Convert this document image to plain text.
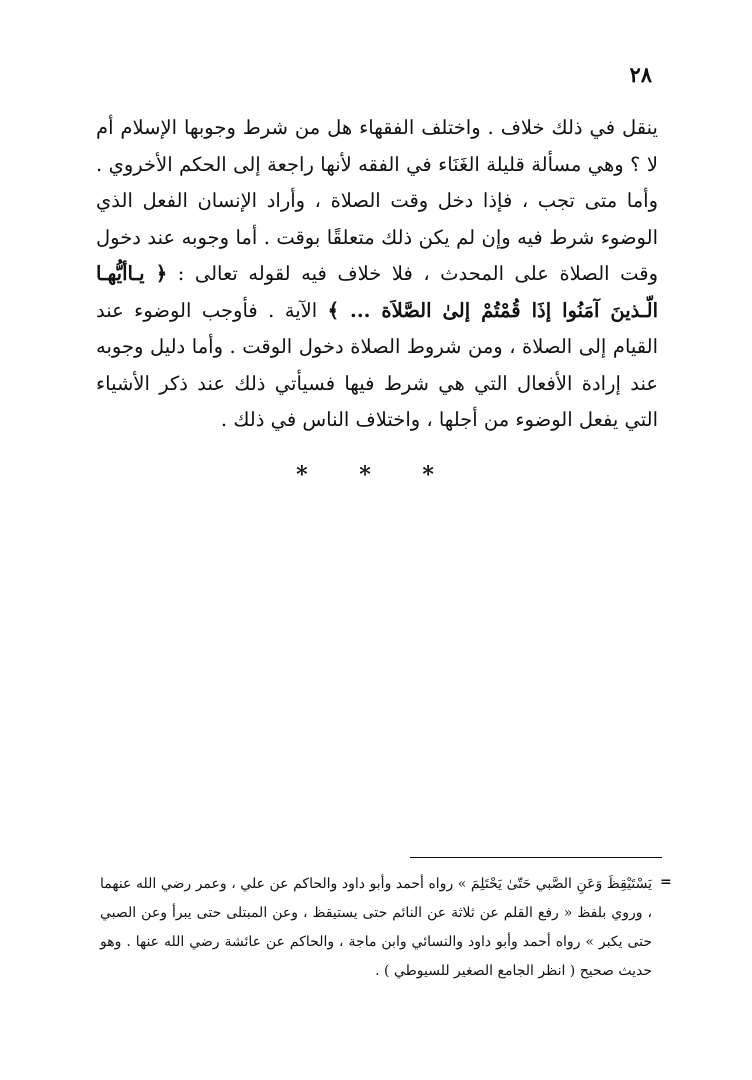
٢٨

ينقل في ذلك خلاف . واختلف الفقهاء هل من شرط وجوبها الإسلام أم لا ؟ وهي مسألة قليلة الغَنَاء في الفقه لأنها راجعة إلى الحكم الأخروي . وأما متى تجب ، فإذا دخل وقت الصلاة ، وأراد الإنسان الفعل الذي الوضوء شرط فيه وإن لم يكن ذلك متعلقًا بوقت . أما وجوبه عند دخول وقت الصلاة على المحدث ، فلا خلاف فيه لقوله تعالى : ﴿ يـاأيُّهـا الّـذينَ آمَنُوا إذَا قُمْتُمْ إلىٰ الصَّلاَة ... ﴾ الآية . فأوجب الوضوء عند القيام إلى الصلاة ، ومن شروط الصلاة دخول الوقت . وأما دليل وجوبه عند إرادة الأفعال التي هي شرط فيها فسيأتي ذلك عند ذكر الأشياء التي يفعل الوضوء من أجلها ، واختلاف الناس في ذلك .

* * *
=

يَسْتَيْقِظَ وَعَنِ الصَّبي حَتّىٰ يَحْتَلِمَ » رواه أحمد وأبو داود والحاكم عن علي ، وعمر رضي الله عنهما ، وروي بلفظ « رفع القلم عن ثلاثة عن النائم حتى يستيقظ ، وعن المبتلى حتى يبرأ وعن الصبي حتى يكبر » رواه أحمد وأبو داود والنسائي وابن ماجة ، والحاكم عن عائشة رضي الله عنها . وهو حديث صحيح ( انظر الجامع الصغير للسيوطي ) .
